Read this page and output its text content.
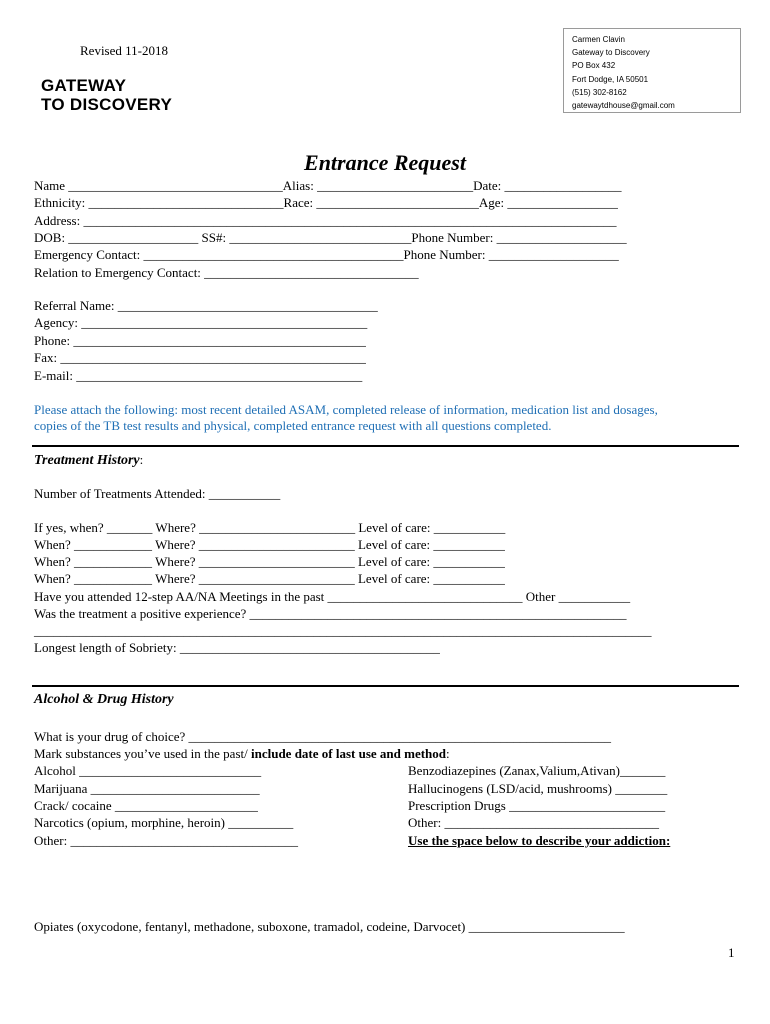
Revised 11-2018
GATEWAY
TO DISCOVERY
Carmen Clavin
Gateway to Discovery
PO Box 432
Fort Dodge, IA 50501
(515) 302-8162
gatewaytdhouse@gmail.com
Entrance Request
Name _________________________________Alias: ________________________Date: __________________
Ethnicity: ______________________________Race: _________________________Age: _________________
Address: __________________________________________________________________________________
DOB: ____________________ SS#: ____________________________Phone Number: ____________________
Emergency Contact: ________________________________________Phone Number: ____________________
Relation to Emergency Contact: _________________________________
Referral Name: ________________________________________
Agency: ____________________________________________
Phone: _____________________________________________
Fax: _______________________________________________
E-mail: ____________________________________________
Please attach the following: most recent detailed ASAM, completed release of information, medication list and dosages,
copies of the TB test results and physical, completed entrance request with all questions completed.
Treatment History:
Number of Treatments Attended: ___________
If yes, when? _______ Where? ________________________ Level of care: ___________
When? ____________ Where? ________________________ Level of care: ___________
When? ____________ Where? ________________________ Level of care: ___________
When? ____________ Where? ________________________ Level of care: ___________
Have you attended 12-step AA/NA Meetings in the past ______________________________ Other ___________
Was the treatment a positive experience? __________________________________________________________
_______________________________________________________________________________________________
Longest length of Sobriety: ________________________________________
Alcohol & Drug History
What is your drug of choice? _________________________________________________________________
Mark substances you’ve used in the past/ include date of last use and method:
Alcohol ____________________________
Marijuana __________________________
Crack/ cocaine ______________________
Narcotics (opium, morphine, heroin) __________
Other: ___________________________________
Benzodiazepines (Zanax,Valium,Ativan)_______
Hallucinogens (LSD/acid, mushrooms) ________
Prescription Drugs ________________________
Other: _________________________________
Use the space below to describe your addiction:
Opiates (oxycodone, fentanyl, methadone, suboxone, tramadol, codeine, Darvocet) ________________________
1
